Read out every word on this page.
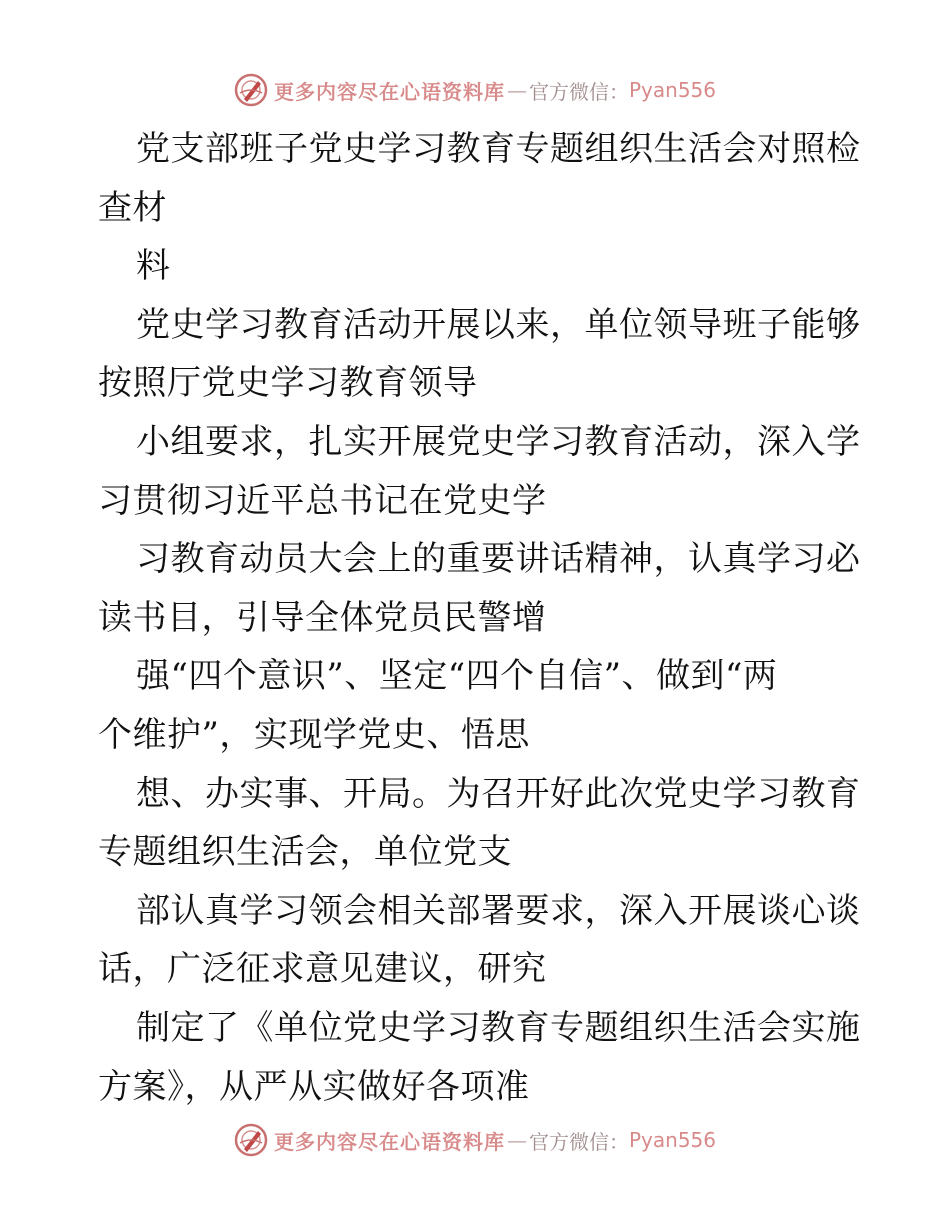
更多内容尽在心语资料库 — 官方微信： Pyan556
党支部班子党史学习教育专题组织生活会对照检
查材
料
党史学习教育活动开展以来，单位领导班子能够
按照厅党史学习教育领导
小组要求，扎实开展党史学习教育活动，深入学
习贯彻习近平总书记在党史学
习教育动员大会上的重要讲话精神，认真学习必
读书目，引导全体党员民警增
强“四个意识”、坚定“四个自信”、做到“两
个维护”，实现学党史、悟思
想、办实事、开局。为召开好此次党史学习教育
专题组织生活会，单位党支
部认真学习领会相关部署要求，深入开展谈心谈
话，广泛征求意见建议，研究
制定了《单位党史学习教育专题组织生活会实施
方案》，从严从实做好各项准
更多内容尽在心语资料库 — 官方微信： Pyan556
